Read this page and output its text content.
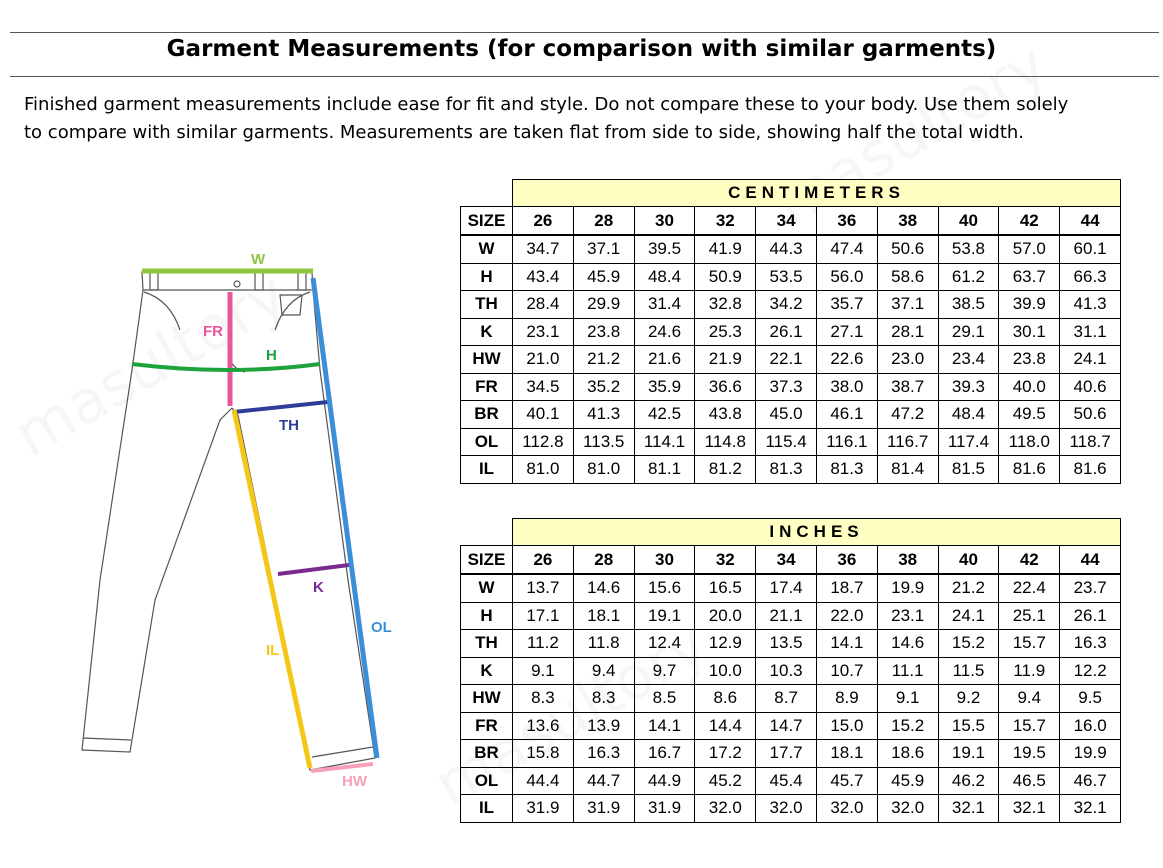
Garment Measurements (for comparison with similar garments)
Finished garment measurements include ease for fit and style. Do not compare these to your body. Use them solely
to compare with similar garments. Measurements are taken flat from side to side, showing half the total width.
W
FR
H
TH
K
IL
OL
HW
	CENTIMETERS									
SIZE	26	28	30	32	34	36	38	40	42	44
W	34.7	37.1	39.5	41.9	44.3	47.4	50.6	53.8	57.0	60.1
H	43.4	45.9	48.4	50.9	53.5	56.0	58.6	61.2	63.7	66.3
TH	28.4	29.9	31.4	32.8	34.2	35.7	37.1	38.5	39.9	41.3
K	23.1	23.8	24.6	25.3	26.1	27.1	28.1	29.1	30.1	31.1
HW	21.0	21.2	21.6	21.9	22.1	22.6	23.0	23.4	23.8	24.1
FR	34.5	35.2	35.9	36.6	37.3	38.0	38.7	39.3	40.0	40.6
BR	40.1	41.3	42.5	43.8	45.0	46.1	47.2	48.4	49.5	50.6
OL	112.8	113.5	114.1	114.8	115.4	116.1	116.7	117.4	118.0	118.7
IL	81.0	81.0	81.1	81.2	81.3	81.3	81.4	81.5	81.6	81.6
	INCHES									
SIZE	26	28	30	32	34	36	38	40	42	44
W	13.7	14.6	15.6	16.5	17.4	18.7	19.9	21.2	22.4	23.7
H	17.1	18.1	19.1	20.0	21.1	22.0	23.1	24.1	25.1	26.1
TH	11.2	11.8	12.4	12.9	13.5	14.1	14.6	15.2	15.7	16.3
K	9.1	9.4	9.7	10.0	10.3	10.7	11.1	11.5	11.9	12.2
HW	8.3	8.3	8.5	8.6	8.7	8.9	9.1	9.2	9.4	9.5
FR	13.6	13.9	14.1	14.4	14.7	15.0	15.2	15.5	15.7	16.0
BR	15.8	16.3	16.7	17.2	17.7	18.1	18.6	19.1	19.5	19.9
OL	44.4	44.7	44.9	45.2	45.4	45.7	45.9	46.2	46.5	46.7
IL	31.9	31.9	31.9	32.0	32.0	32.0	32.0	32.1	32.1	32.1
